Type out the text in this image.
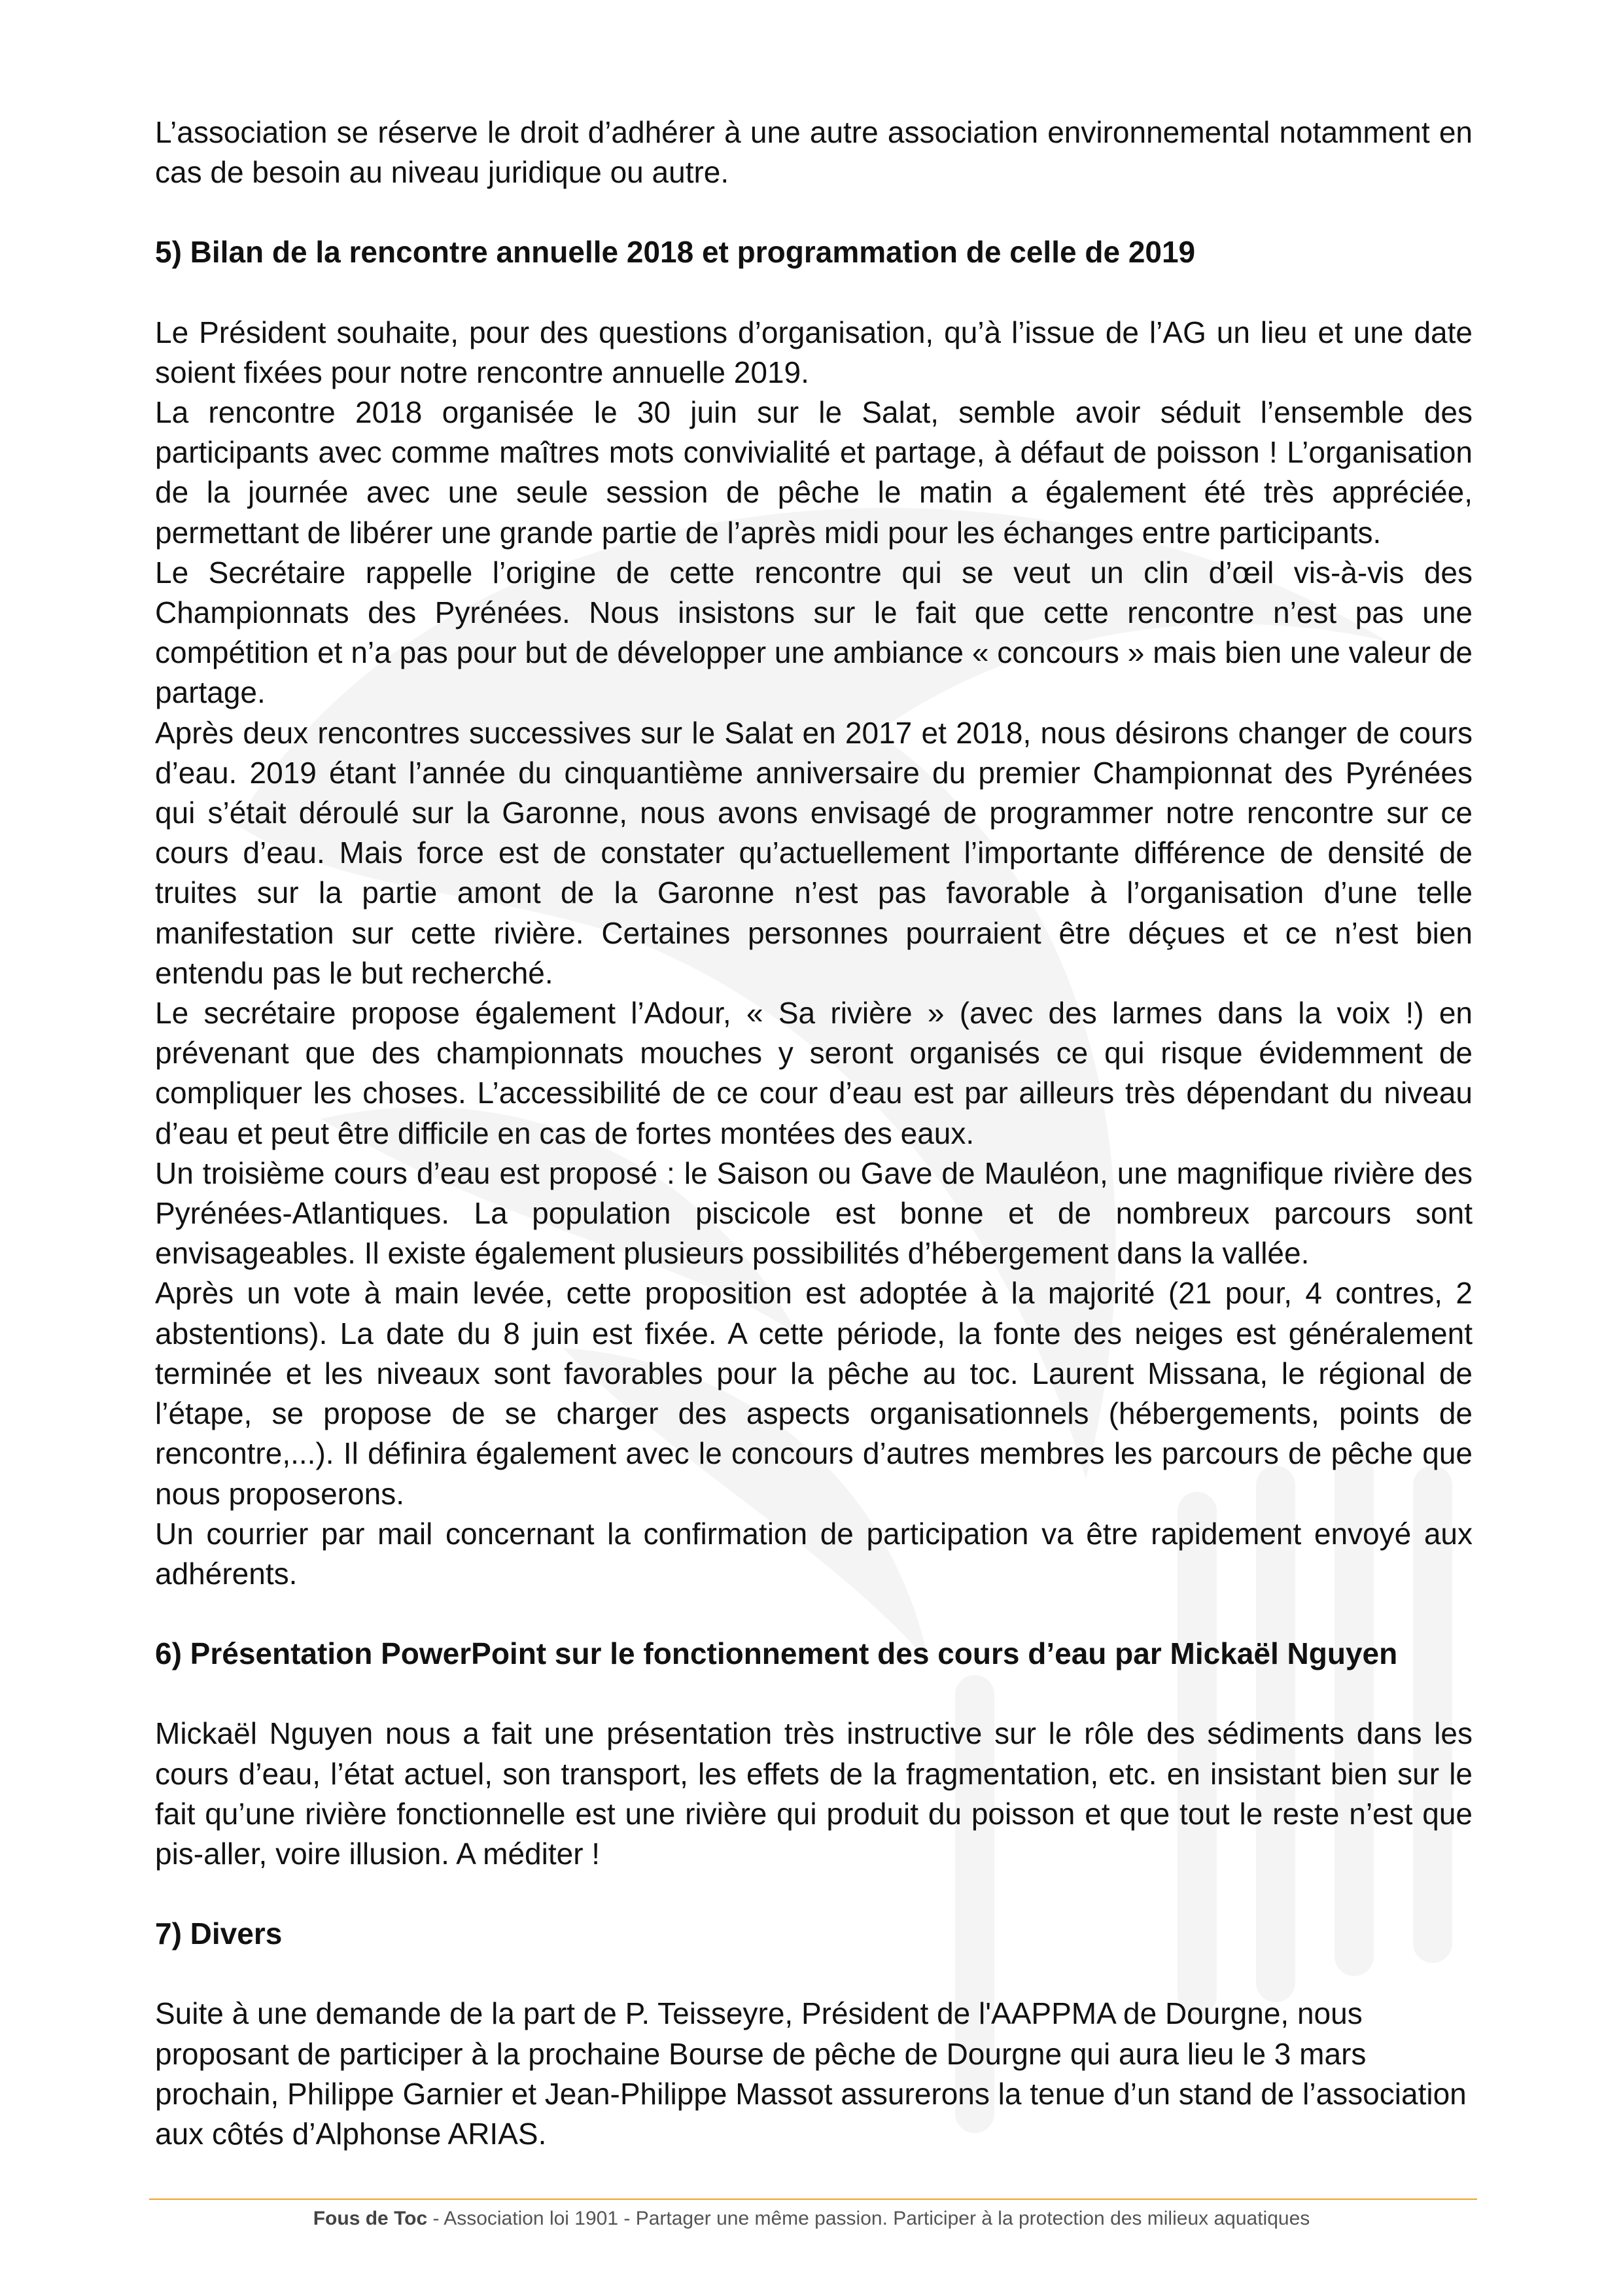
L’association se réserve le droit d’adhérer à une autre association environnemental notamment en cas de besoin au niveau juridique ou autre.

5) Bilan de la rencontre annuelle 2018 et programmation de celle de 2019

Le Président souhaite, pour des questions d’organisation, qu’à l’issue de l’AG un lieu et une date soient fixées pour notre rencontre annuelle 2019.

La rencontre 2018 organisée le 30 juin sur le Salat, semble avoir séduit l’ensemble des participants avec comme maîtres mots convivialité et partage, à défaut de poisson ! L’organisation de la journée avec une seule session de pêche le matin a également été très appréciée, permettant de libérer une grande partie de l’après midi pour les échanges entre participants.

Le Secrétaire rappelle l’origine de cette rencontre qui se veut un clin d’œil vis-à-vis des Championnats des Pyrénées. Nous insistons sur le fait que cette rencontre n’est pas une compétition et n’a pas pour but de développer une ambiance « concours » mais bien une valeur de partage.

Après deux rencontres successives sur le Salat en 2017 et 2018, nous désirons changer de cours d’eau. 2019 étant l’année du cinquantième anniversaire du premier Championnat des Pyrénées qui s’était déroulé sur la Garonne, nous avons envisagé de programmer notre rencontre sur ce cours d’eau. Mais force est de constater qu’actuellement l’importante différence de densité de truites sur la partie amont de la Garonne n’est pas favorable à l’organisation d’une telle manifestation sur cette rivière. Certaines personnes pourraient être déçues et ce n’est bien entendu pas le but recherché.

Le secrétaire propose également l’Adour, « Sa rivière » (avec des larmes dans la voix !) en prévenant que des championnats mouches y seront organisés ce qui risque évidemment de compliquer les choses. L’accessibilité de ce cour d’eau est par ailleurs très dépendant du niveau d’eau et peut être difficile en cas de fortes montées des eaux.

Un troisième cours d’eau est proposé : le Saison ou Gave de Mauléon, une magnifique rivière des Pyrénées-Atlantiques. La population piscicole est bonne et de nombreux parcours sont envisageables. Il existe également plusieurs possibilités d’hébergement dans la vallée.

Après un vote à main levée, cette proposition est adoptée à la majorité (21 pour, 4 contres, 2 abstentions). La date du 8 juin est fixée. A cette période, la fonte des neiges est généralement terminée et les niveaux sont favorables pour la pêche au toc. Laurent Missana, le régional de l’étape, se propose de se charger des aspects organisationnels (hébergements, points de rencontre,...). Il définira également avec le concours d’autres membres les parcours de pêche que nous proposerons.

Un courrier par mail concernant la confirmation de participation va être rapidement envoyé aux adhérents.

6) Présentation PowerPoint sur le fonctionnement des cours d’eau par Mickaël Nguyen

Mickaël Nguyen nous a fait une présentation très instructive sur le rôle des sédiments dans les cours d’eau, l’état actuel, son transport, les effets de la fragmentation, etc. en insistant bien sur le fait qu’une rivière fonctionnelle est une rivière qui produit du poisson et que tout le reste n’est que pis-aller, voire illusion. A méditer !

7) Divers

Suite à une demande de la part de P. Teisseyre, Président de l'AAPPMA de Dourgne, nous proposant de participer à la prochaine Bourse de pêche de Dourgne qui aura lieu le 3 mars prochain, Philippe Garnier et Jean-Philippe Massot assurerons la tenue d’un stand de l’association aux côtés d’Alphonse ARIAS.

Fous de Toc - Association loi 1901 - Partager une même passion. Participer à la protection des milieux aquatiques
